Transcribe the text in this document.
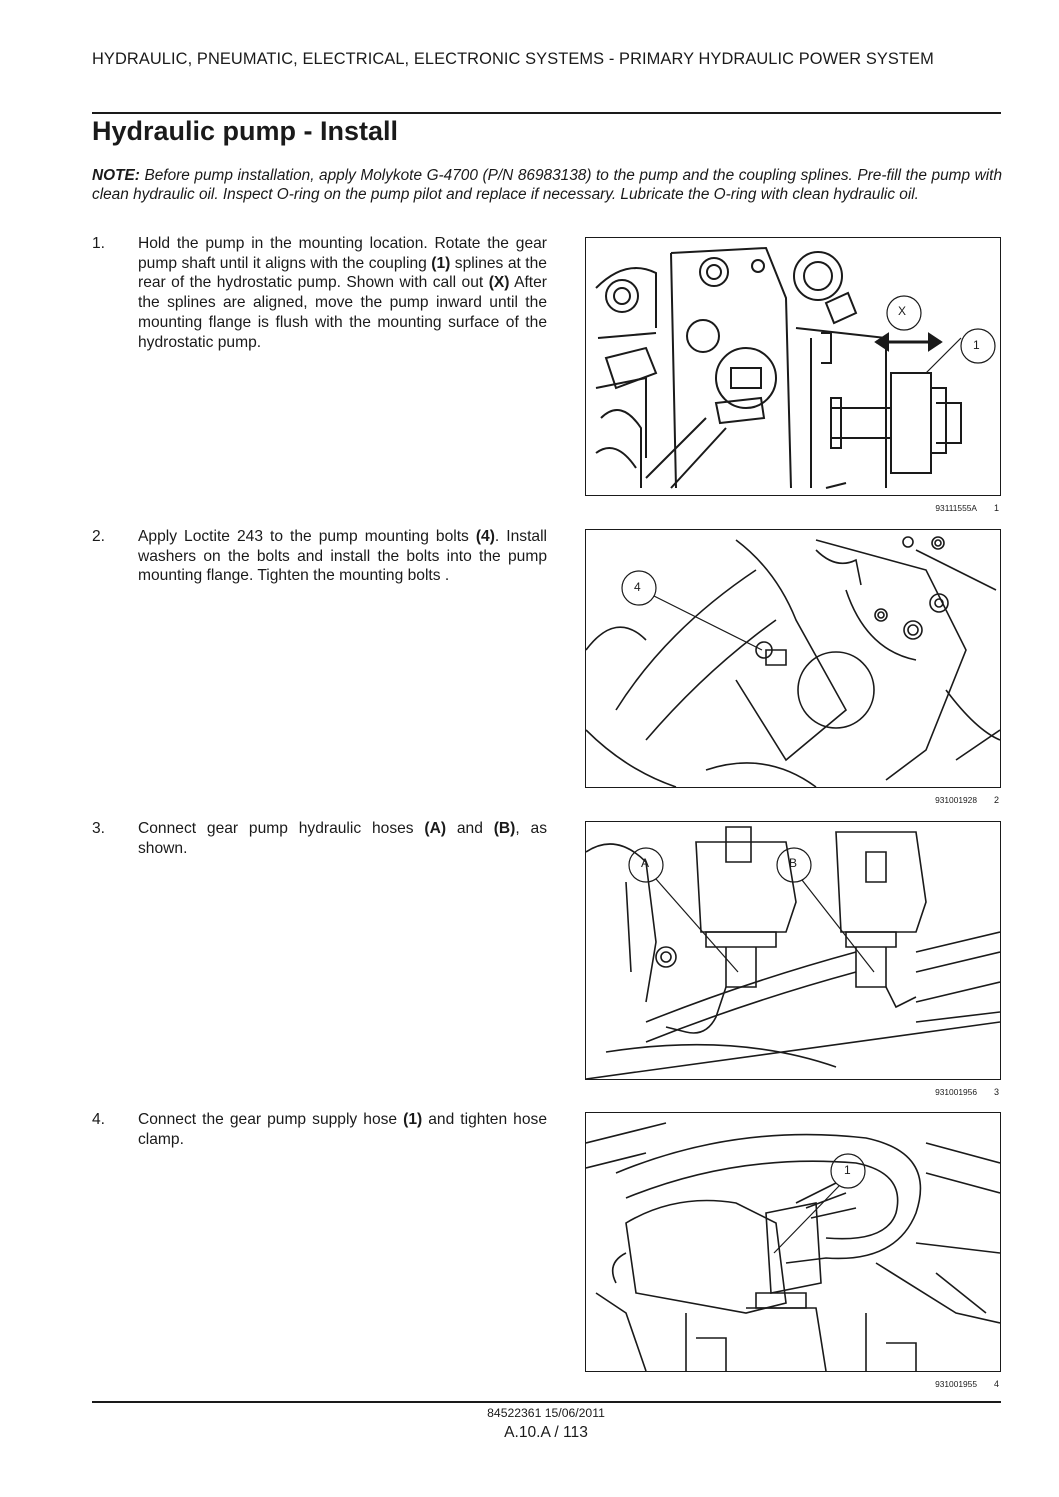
HYDRAULIC, PNEUMATIC, ELECTRICAL, ELECTRONIC SYSTEMS - PRIMARY HYDRAULIC POWER SYSTEM
Hydraulic pump - Install
NOTE: Before pump installation, apply Molykote G-4700 (P/N 86983138) to the pump and the coupling splines. Pre-fill the pump with clean hydraulic oil. Inspect O-ring on the pump pilot and replace if necessary. Lubricate the O-ring with clean hydraulic oil.
1. Hold the pump in the mounting location. Rotate the gear pump shaft until it aligns with the coupling (1) splines at the rear of the hydrostatic pump. Shown with call out (X) After the splines are aligned, move the pump inward until the mounting flange is flush with the mounting surface of the hydrostatic pump.
X
1
93111555A 1
2. Apply Loctite 243 to the pump mounting bolts (4). Install washers on the bolts and install the bolts into the pump mounting flange. Tighten the mounting bolts .
4
931001928 2
3. Connect gear pump hydraulic hoses (A) and (B), as shown.
A	B
931001956 3
4. Connect the gear pump supply hose (1) and tighten hose clamp.
1
931001955 4
84522361 15/06/2011
A.10.A / 113
